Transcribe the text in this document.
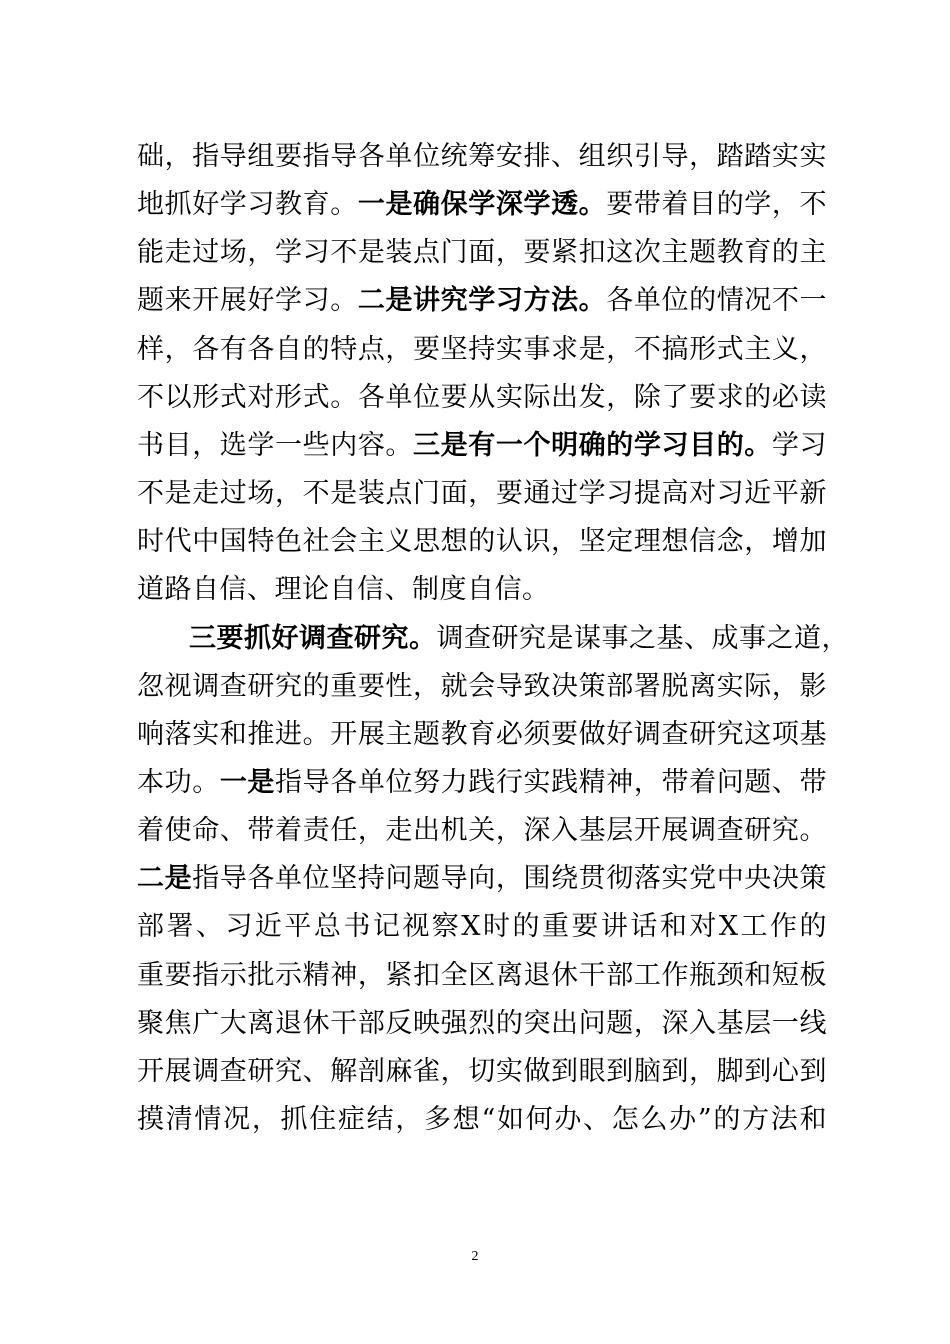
础，指导组要指导各单位统筹安排、组织引导，踏踏实实
地抓好学习教育。一是确保学深学透。要带着目的学，不
能走过场，学习不是装点门面，要紧扣这次主题教育的主
题来开展好学习。二是讲究学习方法。各单位的情况不一
样，各有各自的特点，要坚持实事求是，不搞形式主义，
不以形式对形式。各单位要从实际出发，除了要求的必读
书目，选学一些内容。三是有一个明确的学习目的。学习
不是走过场，不是装点门面，要通过学习提高对习近平新
时代中国特色社会主义思想的认识，坚定理想信念，增加
道路自信、理论自信、制度自信。
三要抓好调查研究。调查研究是谋事之基、成事之道，
忽视调查研究的重要性，就会导致决策部署脱离实际，影
响落实和推进。开展主题教育必须要做好调查研究这项基
本功。一是指导各单位努力践行实践精神，带着问题、带
着使命、带着责任，走出机关，深入基层开展调查研究。
二是指导各单位坚持问题导向，围绕贯彻落实党中央决策
部署、习近平总书记视察X时的重要讲话和对X工作的
重要指示批示精神，紧扣全区离退休干部工作瓶颈和短板
聚焦广大离退休干部反映强烈的突出问题，深入基层一线
开展调查研究、解剖麻雀，切实做到眼到脑到，脚到心到
摸清情况，抓住症结，多想“如何办、怎么办”的方法和
2
